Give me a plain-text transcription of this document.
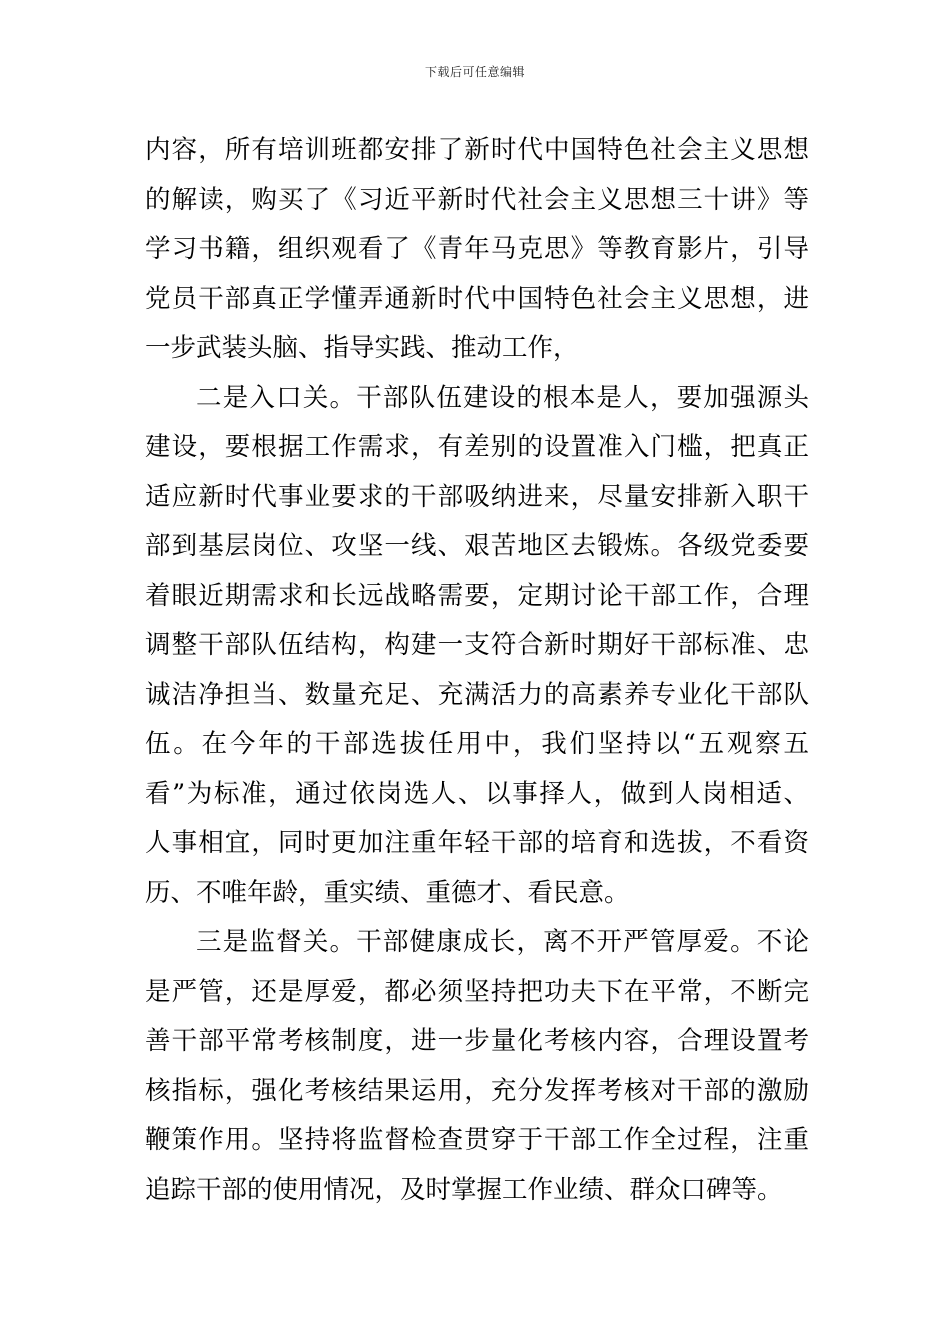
下载后可任意编辑
内容，所有培训班都安排了新时代中国特色社会主义思想
的解读，购买了《习近平新时代社会主义思想三十讲》等
学习书籍，组织观看了《青年马克思》等教育影片，引导
党员干部真正学懂弄通新时代中国特色社会主义思想，进
一步武装头脑、指导实践、推动工作，
二是入口关。干部队伍建设的根本是人，要加强源头
建设，要根据工作需求，有差别的设置准入门槛，把真正
适应新时代事业要求的干部吸纳进来，尽量安排新入职干
部到基层岗位、攻坚一线、艰苦地区去锻炼。各级党委要
着眼近期需求和长远战略需要，定期讨论干部工作，合理
调整干部队伍结构，构建一支符合新时期好干部标准、忠
诚洁净担当、数量充足、充满活力的高素养专业化干部队
伍。在今年的干部选拔任用中，我们坚持以“五观察五
看”为标准，通过依岗选人、以事择人，做到人岗相适、
人事相宜，同时更加注重年轻干部的培育和选拔，不看资
历、不唯年龄，重实绩、重德才、看民意。
三是监督关。干部健康成长，离不开严管厚爱。不论
是严管，还是厚爱，都必须坚持把功夫下在平常，不断完
善干部平常考核制度，进一步量化考核内容，合理设置考
核指标，强化考核结果运用，充分发挥考核对干部的激励
鞭策作用。坚持将监督检查贯穿于干部工作全过程，注重
追踪干部的使用情况，及时掌握工作业绩、群众口碑等。
